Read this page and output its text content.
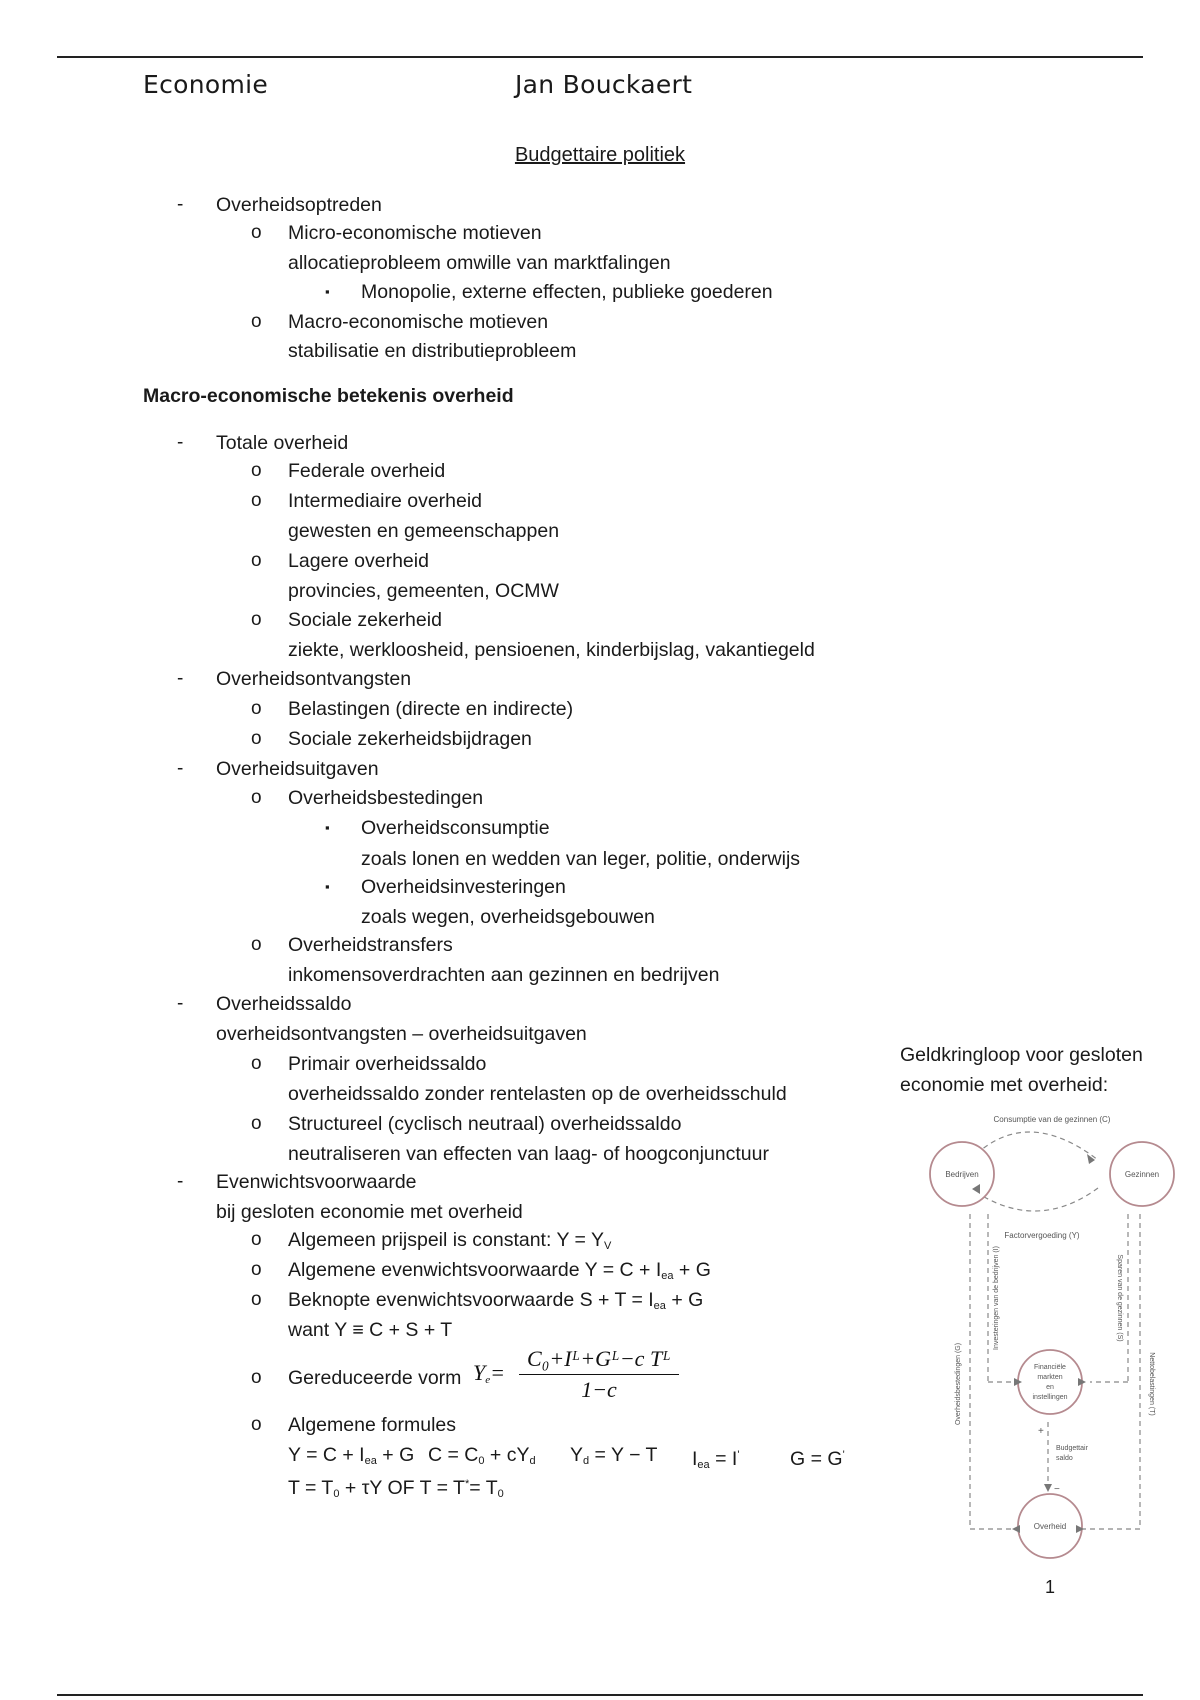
Economie	Jan Bouckaert
Budgettaire politiek
- Overheidsoptreden
o Micro-economische motieven
allocatieprobleem omwille van marktfalingen
▪ Monopolie, externe effecten, publieke goederen
o Macro-economische motieven
stabilisatie en distributieprobleem
Macro-economische betekenis overheid
- Totale overheid
o Federale overheid
o Intermediaire overheid
gewesten en gemeenschappen
o Lagere overheid
provincies, gemeenten, OCMW
o Sociale zekerheid
ziekte, werkloosheid, pensioenen, kinderbijslag, vakantiegeld
- Overheidsontvangsten
o Belastingen (directe en indirecte)
o Sociale zekerheidsbijdragen
- Overheidsuitgaven
o Overheidsbestedingen
▪ Overheidsconsumptie
zoals lonen en wedden van leger, politie, onderwijs
▪ Overheidsinvesteringen
zoals wegen, overheidsgebouwen
o Overheidstransfers
inkomensoverdrachten aan gezinnen en bedrijven
- Overheidssaldo
overheidsontvangsten – overheidsuitgaven
o Primair overheidssaldo
overheidssaldo zonder rentelasten op de overheidsschuld
o Structureel (cyclisch neutraal) overheidssaldo
neutraliseren van effecten van laag- of hoogconjunctuur
- Evenwichtsvoorwaarde
bij gesloten economie met overheid
o Algemeen prijspeil is constant: $Y = Y_V$
o Algemene evenwichtsvoorwaarde $Y = C + I_{ea} + G$
o Beknopte evenwichtsvoorwaarde $S + T = I_{ea} + G$
want Y ≡ C + S + T
o Gereduceerde vorm $Y_e= \frac{\text{C₀+Iᴸ+Gᴸ−c Tᴸ}}{1-c}$
o Algemene formules
$Y = C + I_{ea} + G$ $C = C_0 + cY_d$ $Y_d = Y - T$ $I_{ea} = I'$	G = G'
$T = T_0 + \tau Y$ OF $T = T^*= T_0$
Geldkringloop voor gesloten
economie met overheid:
Consumptie van de gezinnen (C)
Bedrijven	Gezinnen
Factorvergoeding (Y)
Investeringen van de bedrijven (I)	Sparen van de gezinnen (S)
Overheidsbestedingen (G)	Nettobelastingen (T)
Financiële
markten
en
instellingen
Budgettair
saldo
+
−
Overheid
1
